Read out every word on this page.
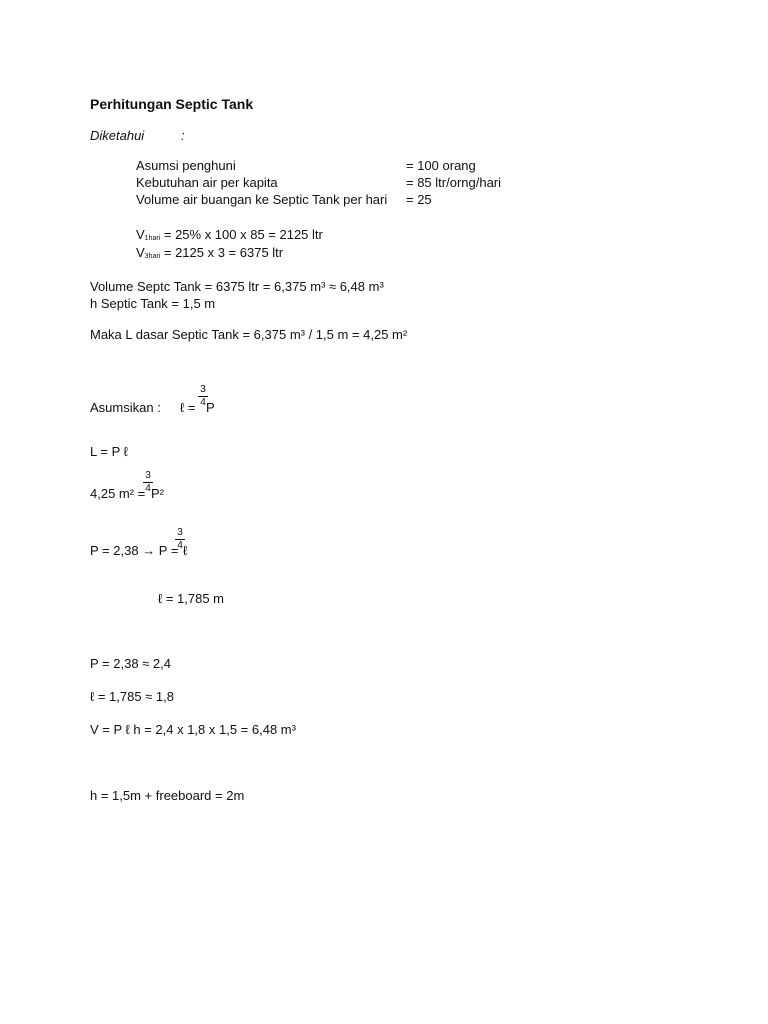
Perhitungan Septic Tank
Diketahui	:
Asumsi penghuni	= 100 orang
Kebutuhan air per kapita	= 85 ltr/orng/hari
Volume air buangan ke Septic Tank per hari = 25
$V_{1hari} = 25\%$ x 100 x 85 = 2125 ltr
$V_{3hari} = 2125$ x 3 = 6375 ltr
Volume Septc Tank = 6375 ltr = 6,375 m³ ≈ 6,48 m³
h Septic Tank = 1,5 m
Maka L dasar Septic Tank = 6,375 m³ / 1,5 m = 4,25 m²
Asumsikan : ℓ =
3
4 P
L = P ℓ
4,25 m² =
3
4 P²
P = 2,38 → P =
3
4 ℓ
ℓ = 1,785 m
P = 2,38 ≈ 2,4
ℓ = 1,785 ≈ 1,8
V = P ℓ h = 2,4 x 1,8 x 1,5 = 6,48 m³
h = 1,5m + freeboard = 2m
